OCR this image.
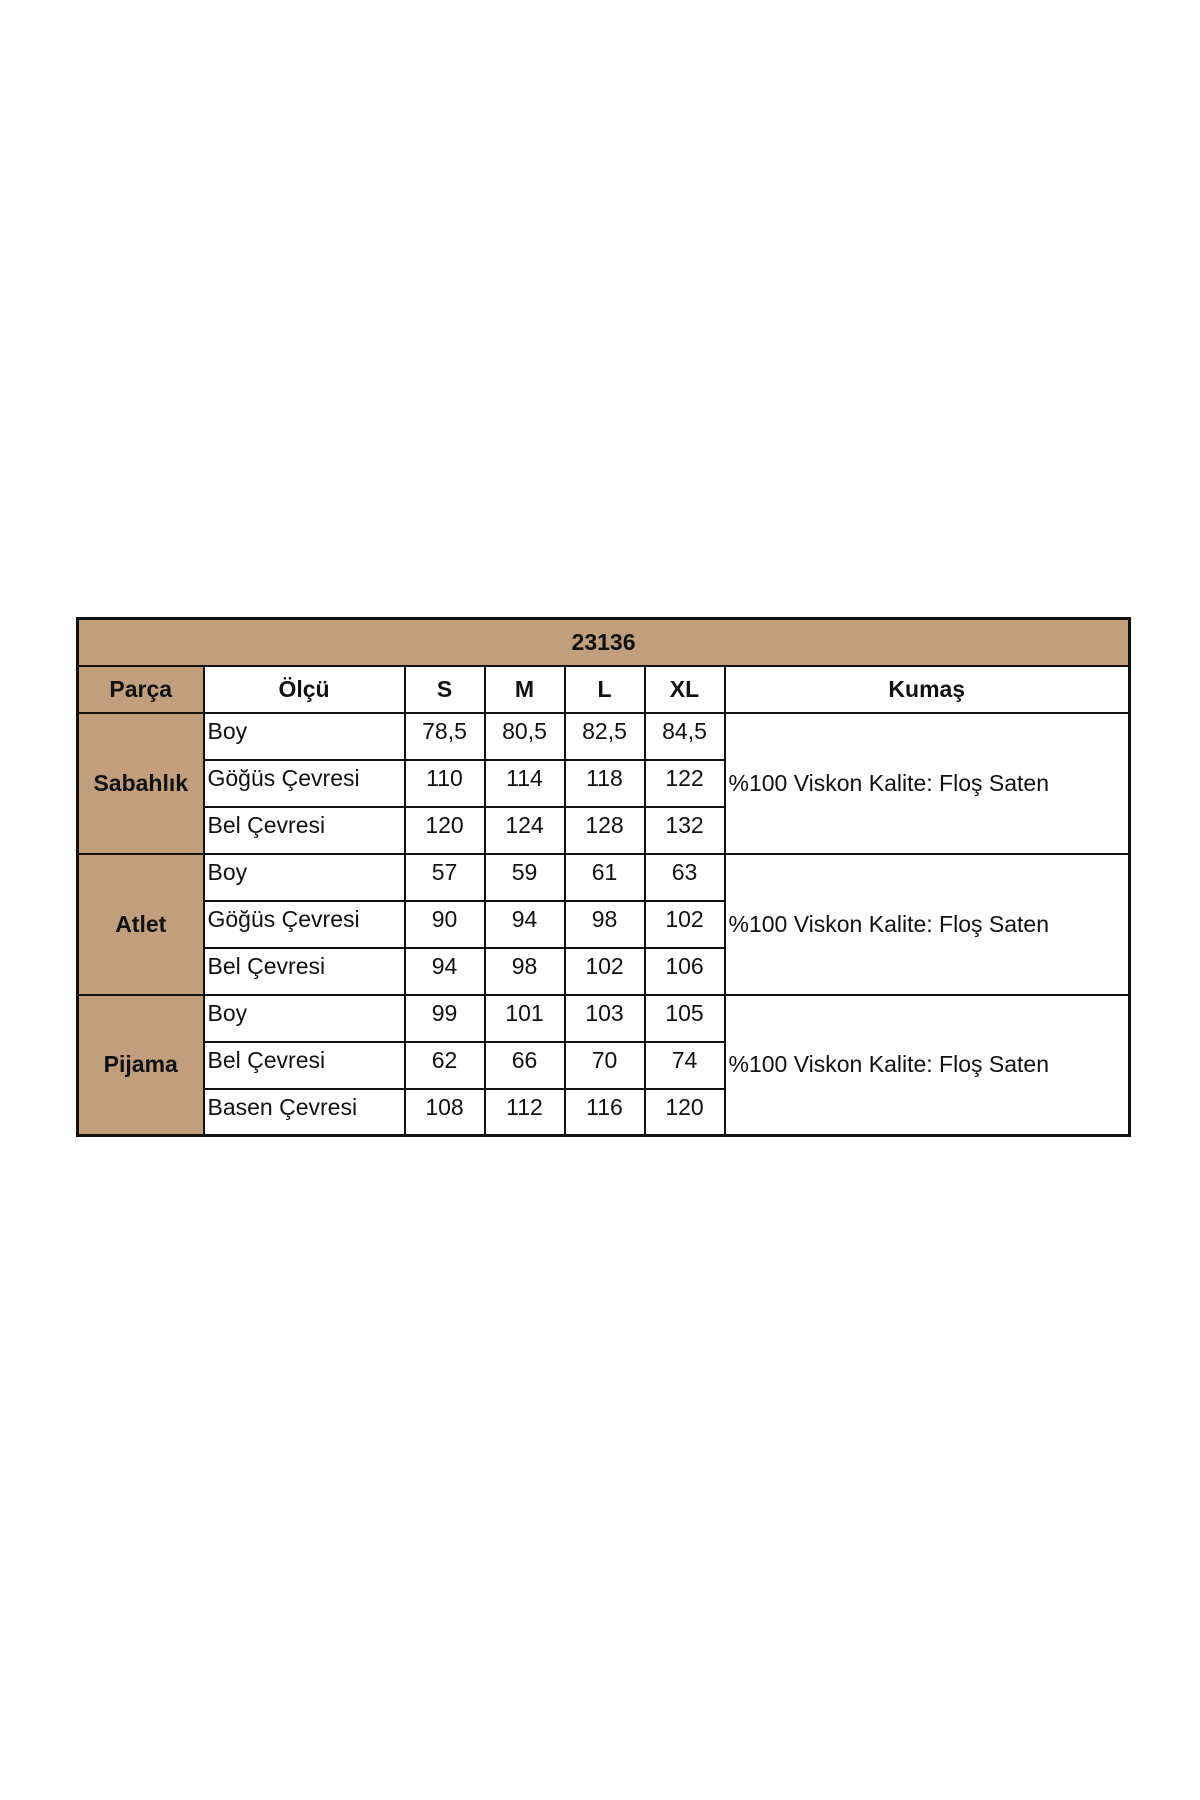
23136						
Parça	Ölçü	S	M	L	XL	Kumaş
Sabahlık	Boy	78,5	80,5	82,5	84,5	%100 Viskon Kalite: Floş Saten
	Göğüs Çevresi	110	114	118	122	
	Bel Çevresi	120	124	128	132	
Atlet	Boy	57	59	61	63	%100 Viskon Kalite: Floş Saten
	Göğüs Çevresi	90	94	98	102	
	Bel Çevresi	94	98	102	106	
Pijama	Boy	99	101	103	105	%100 Viskon Kalite: Floş Saten
	Bel Çevresi	62	66	70	74	
	Basen Çevresi	108	112	116	120	
